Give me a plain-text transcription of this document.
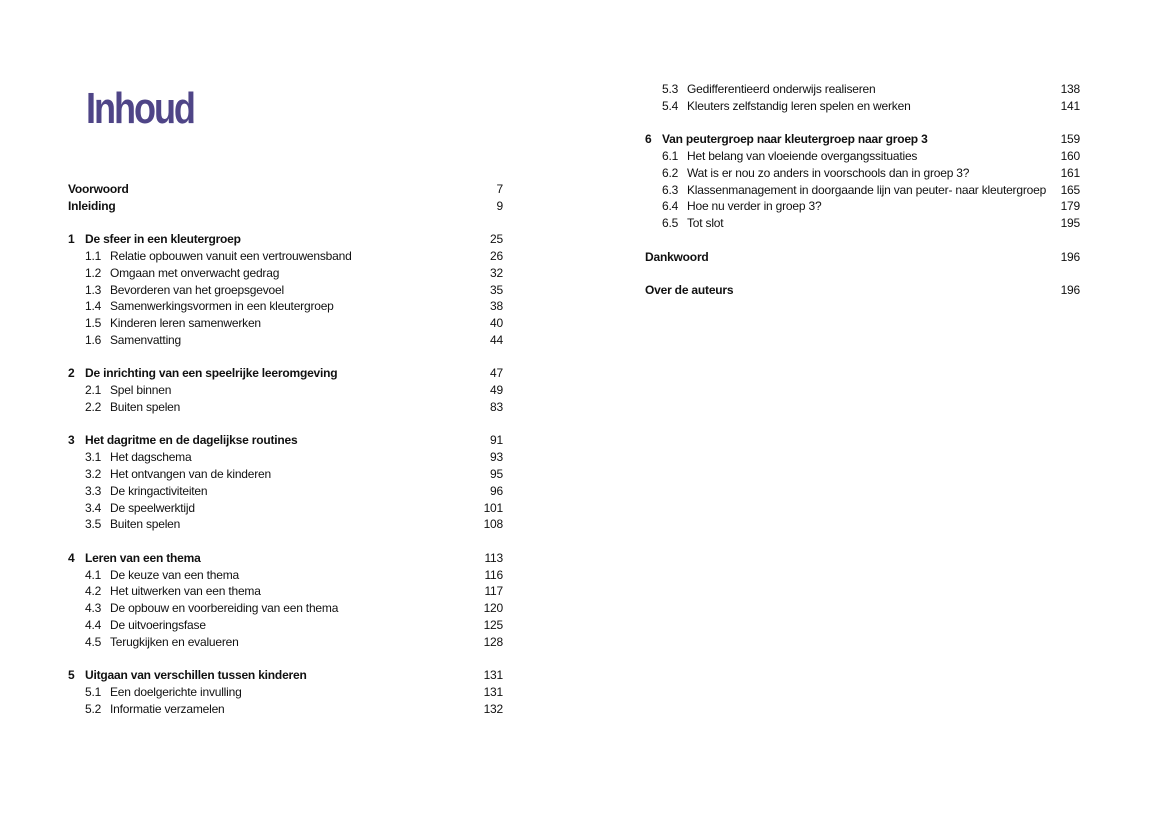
Inhoud
Voorwoord	7
Inleiding	9
1 De sfeer in een kleutergroep	25
1.1 Relatie opbouwen vanuit een vertrouwensband	26
1.2 Omgaan met onverwacht gedrag	32
1.3 Bevorderen van het groepsgevoel	35
1.4 Samenwerkingsvormen in een kleutergroep	38
1.5 Kinderen leren samenwerken	40
1.6 Samenvatting	44
2 De inrichting van een speelrijke leeromgeving	47
2.1 Spel binnen	49
2.2 Buiten spelen	83
3 Het dagritme en de dagelijkse routines	91
3.1 Het dagschema	93
3.2 Het ontvangen van de kinderen	95
3.3 De kringactiviteiten	96
3.4 De speelwerktijd	101
3.5 Buiten spelen	108
4 Leren van een thema	113
4.1 De keuze van een thema	116
4.2 Het uitwerken van een thema	117
4.3 De opbouw en voorbereiding van een thema	120
4.4 De uitvoeringsfase	125
4.5 Terugkijken en evalueren	128
5 Uitgaan van verschillen tussen kinderen	131
5.1 Een doelgerichte invulling	131
5.2 Informatie verzamelen	132
5.3 Gedifferentieerd onderwijs realiseren	138
5.4 Kleuters zelfstandig leren spelen en werken	141
6 Van peutergroep naar kleutergroep naar groep 3	159
6.1 Het belang van vloeiende overgangssituaties	160
6.2 Wat is er nou zo anders in voorschools dan in groep 3?	161
6.3 Klassenmanagement in doorgaande lijn van peuter- naar kleutergroep 165
6.4 Hoe nu verder in groep 3?	179
6.5 Tot slot	195
Dankwoord	196
Over de auteurs	196
